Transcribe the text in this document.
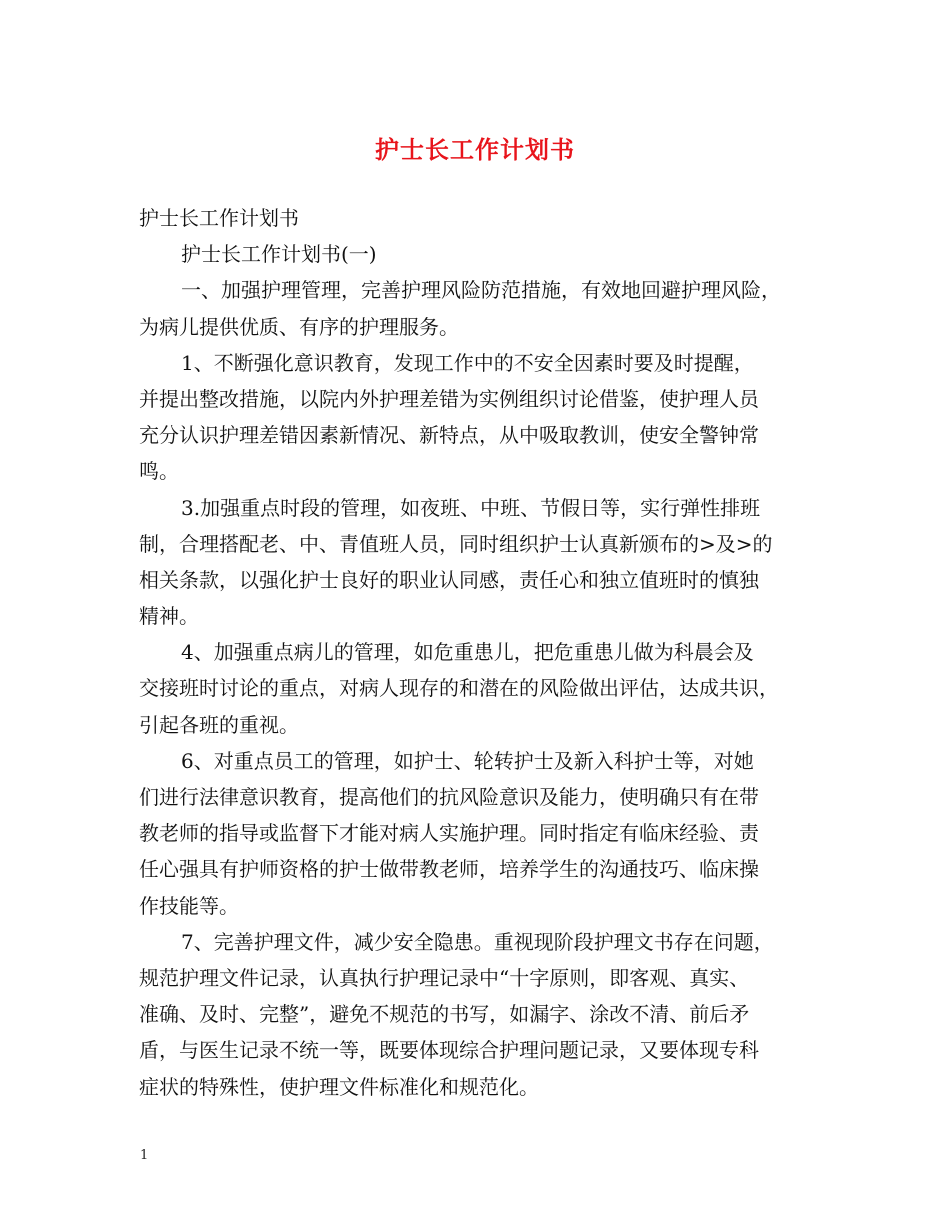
护士长工作计划书
护士长工作计划书
护士长工作计划书(一)
一、加强护理管理，完善护理风险防范措施，有效地回避护理风险，
为病儿提供优质、有序的护理服务。
1、不断强化意识教育，发现工作中的不安全因素时要及时提醒，
并提出整改措施，以院内外护理差错为实例组织讨论借鉴，使护理人员
充分认识护理差错因素新情况、新特点，从中吸取教训，使安全警钟常
鸣。
3.加强重点时段的管理，如夜班、中班、节假日等，实行弹性排班
制，合理搭配老、中、青值班人员，同时组织护士认真新颁布的>及>的
相关条款，以强化护士良好的职业认同感，责任心和独立值班时的慎独
精神。
4、加强重点病儿的管理，如危重患儿，把危重患儿做为科晨会及
交接班时讨论的重点，对病人现存的和潜在的风险做出评估，达成共识，
引起各班的重视。
6、对重点员工的管理，如护士、轮转护士及新入科护士等，对她
们进行法律意识教育，提高他们的抗风险意识及能力，使明确只有在带
教老师的指导或监督下才能对病人实施护理。同时指定有临床经验、责
任心强具有护师资格的护士做带教老师，培养学生的沟通技巧、临床操
作技能等。
7、完善护理文件，减少安全隐患。重视现阶段护理文书存在问题，
规范护理文件记录，认真执行护理记录中“十字原则，即客观、真实、
准确、及时、完整”，避免不规范的书写，如漏字、涂改不清、前后矛
盾，与医生记录不统一等，既要体现综合护理问题记录，又要体现专科
症状的特殊性，使护理文件标准化和规范化。
1
